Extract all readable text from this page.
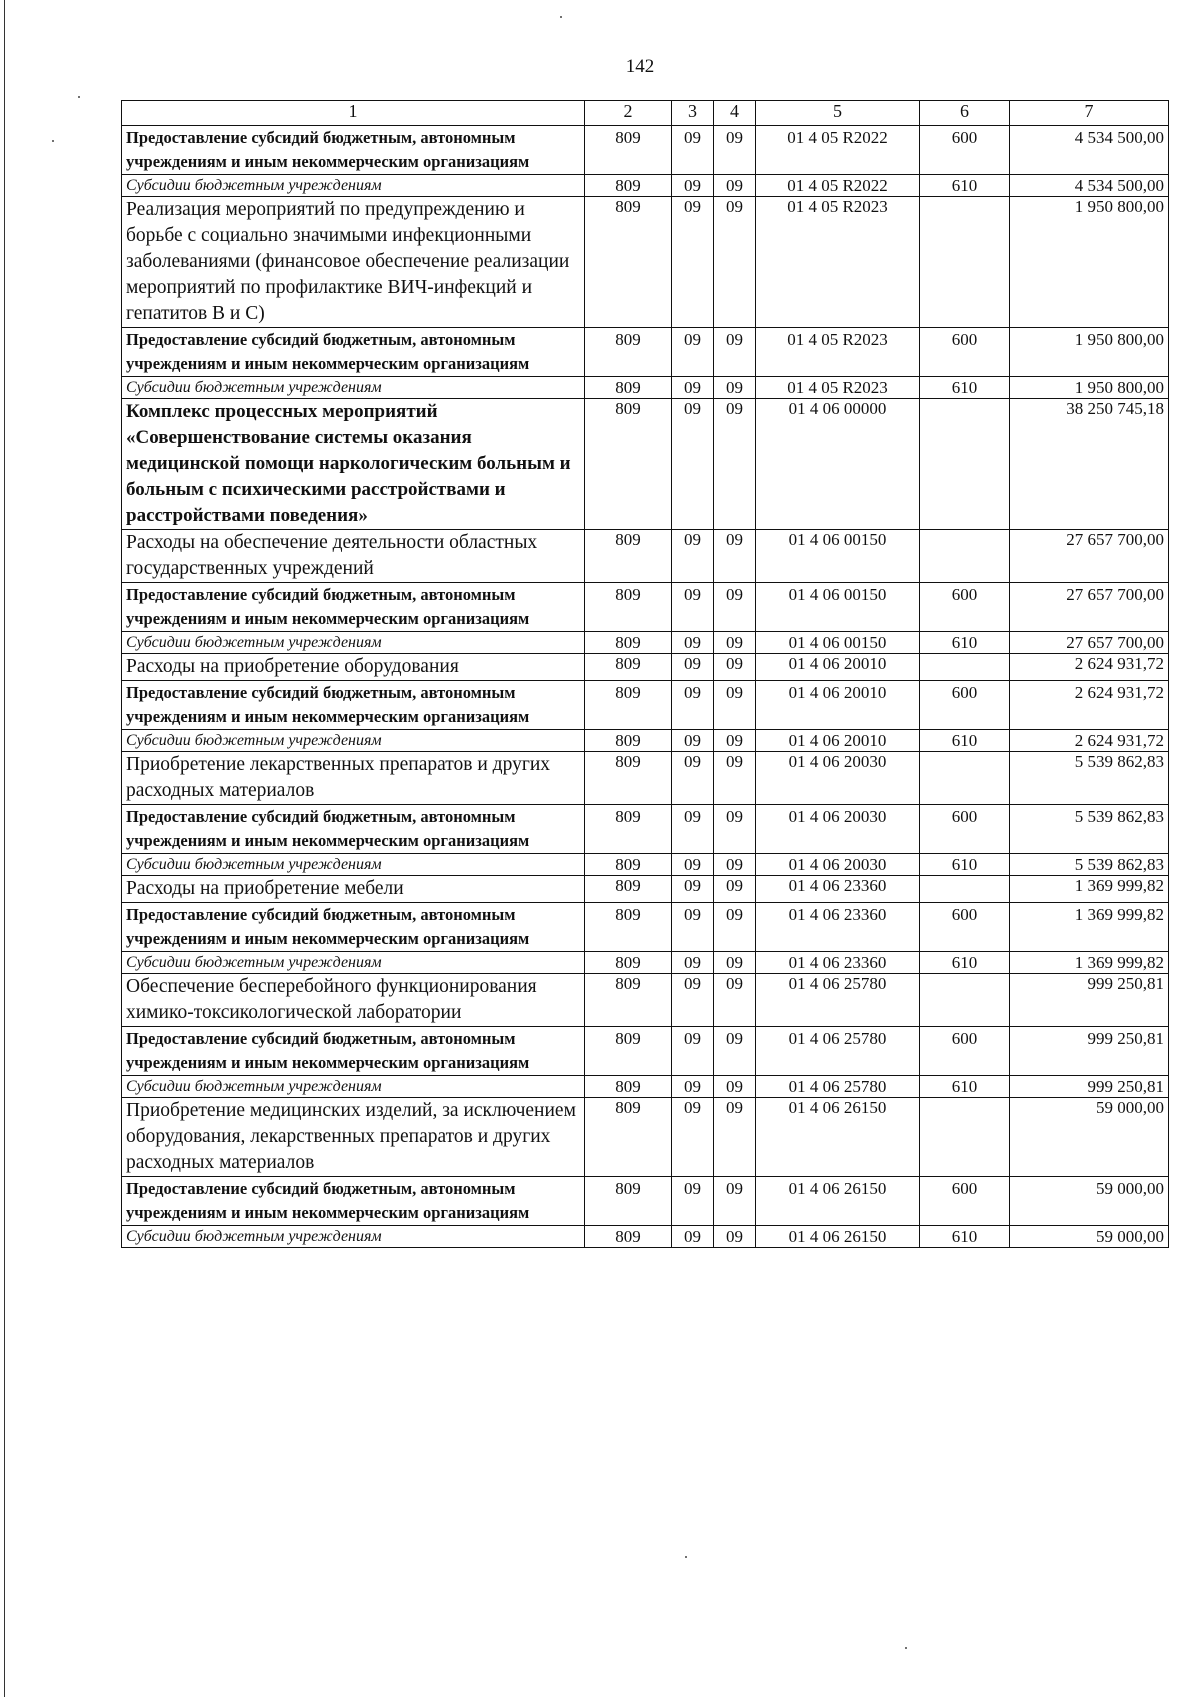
142
1	2	3	4	5	6	7
Предоставление субсидий бюджетным, автономным учреждениям и иным некоммерческим организациям	809	09	09	01 4 05 R2022	600	4 534 500,00
Субсидии бюджетным учреждениям	809	09	09	01 4 05 R2022	610	4 534 500,00
Реализация мероприятий по предупреждению и борьбе с социально значимыми инфекционными заболеваниями (финансовое обеспечение реализации мероприятий по профилактике ВИЧ-инфекций и гепатитов В и С)	809	09	09	01 4 05 R2023		1 950 800,00
Предоставление субсидий бюджетным, автономным учреждениям и иным некоммерческим организациям	809	09	09	01 4 05 R2023	600	1 950 800,00
Субсидии бюджетным учреждениям	809	09	09	01 4 05 R2023	610	1 950 800,00
Комплекс процессных мероприятий «Совершенствование системы оказания медицинской помощи наркологическим больным и больным с психическими расстройствами и расстройствами поведения»	809	09	09	01 4 06 00000		38 250 745,18
Расходы на обеспечение деятельности областных государственных учреждений	809	09	09	01 4 06 00150		27 657 700,00
Предоставление субсидий бюджетным, автономным учреждениям и иным некоммерческим организациям	809	09	09	01 4 06 00150	600	27 657 700,00
Субсидии бюджетным учреждениям	809	09	09	01 4 06 00150	610	27 657 700,00
Расходы на приобретение оборудования	809	09	09	01 4 06 20010		2 624 931,72
Предоставление субсидий бюджетным, автономным учреждениям и иным некоммерческим организациям	809	09	09	01 4 06 20010	600	2 624 931,72
Субсидии бюджетным учреждениям	809	09	09	01 4 06 20010	610	2 624 931,72
Приобретение лекарственных препаратов и других расходных материалов	809	09	09	01 4 06 20030		5 539 862,83
Предоставление субсидий бюджетным, автономным учреждениям и иным некоммерческим организациям	809	09	09	01 4 06 20030	600	5 539 862,83
Субсидии бюджетным учреждениям	809	09	09	01 4 06 20030	610	5 539 862,83
Расходы на приобретение мебели	809	09	09	01 4 06 23360		1 369 999,82
Предоставление субсидий бюджетным, автономным учреждениям и иным некоммерческим организациям	809	09	09	01 4 06 23360	600	1 369 999,82
Субсидии бюджетным учреждениям	809	09	09	01 4 06 23360	610	1 369 999,82
Обеспечение бесперебойного функционирования химико-токсикологической лаборатории	809	09	09	01 4 06 25780		999 250,81
Предоставление субсидий бюджетным, автономным учреждениям и иным некоммерческим организациям	809	09	09	01 4 06 25780	600	999 250,81
Субсидии бюджетным учреждениям	809	09	09	01 4 06 25780	610	999 250,81
Приобретение медицинских изделий, за исключением оборудования, лекарственных препаратов и других расходных материалов	809	09	09	01 4 06 26150		59 000,00
Предоставление субсидий бюджетным, автономным учреждениям и иным некоммерческим организациям	809	09	09	01 4 06 26150	600	59 000,00
Субсидии бюджетным учреждениям	809	09	09	01 4 06 26150	610	59 000,00
